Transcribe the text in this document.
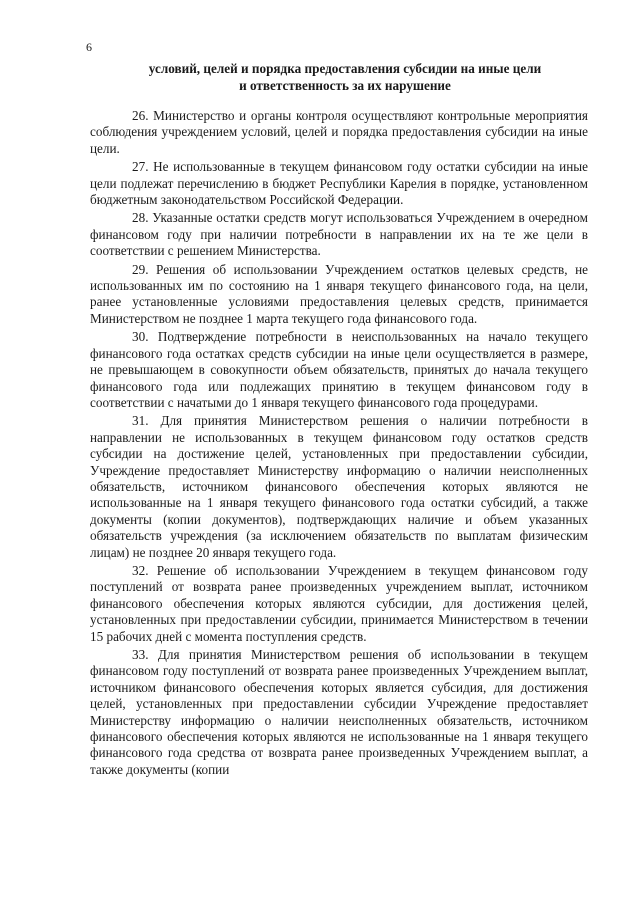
6
условий, целей и порядка предоставления субсидии на иные цели
и ответственность за их нарушение

26. Министерство и органы контроля осуществляют контрольные мероприятия соблюдения учреждением условий, целей и порядка предоставления субсидии на иные цели.

27. Не использованные в текущем финансовом году остатки субсидии на иные цели подлежат перечислению в бюджет Республики Карелия в порядке, установленном бюджетным законодательством Российской Федерации.

28. Указанные остатки средств могут использоваться Учреждением в очередном финансовом году при наличии потребности в направлении их на те же цели в соответствии с решением Министерства.

29. Решения об использовании Учреждением остатков целевых средств, не использованных им по состоянию на 1 января текущего финансового года, на цели, ранее установленные условиями предоставления целевых средств, принимается Министерством не позднее 1 марта текущего года финансового года.

30. Подтверждение потребности в неиспользованных на начало текущего финансового года остатках средств субсидии на иные цели осуществляется в размере, не превышающем в совокупности объем обязательств, принятых до начала текущего финансового года или подлежащих принятию в текущем финансовом году в соответствии с начатыми до 1 января текущего финансового года процедурами.

31. Для принятия Министерством решения о наличии потребности в направлении не использованных в текущем финансовом году остатков средств субсидии на достижение целей, установленных при предоставлении субсидии, Учреждение предоставляет Министерству информацию о наличии неисполненных обязательств, источником финансового обеспечения которых являются не использованные на 1 января текущего финансового года остатки субсидий, а также документы (копии документов), подтверждающих наличие и объем указанных обязательств учреждения (за исключением обязательств по выплатам физическим лицам) не позднее 20 января текущего года.

32. Решение об использовании Учреждением в текущем финансовом году поступлений от возврата ранее произведенных учреждением выплат, источником финансового обеспечения которых являются субсидии, для достижения целей, установленных при предоставлении субсидии, принимается Министерством в течении 15 рабочих дней с момента поступления средств.

33. Для принятия Министерством решения об использовании в текущем финансовом году поступлений от возврата ранее произведенных Учреждением выплат, источником финансового обеспечения которых является субсидия, для достижения целей, установленных при предоставлении субсидии Учреждение предоставляет Министерству информацию о наличии неисполненных обязательств, источником финансового обеспечения которых являются не использованные на 1 января текущего финансового года средства от возврата ранее произведенных Учреждением выплат, а также документы (копии
